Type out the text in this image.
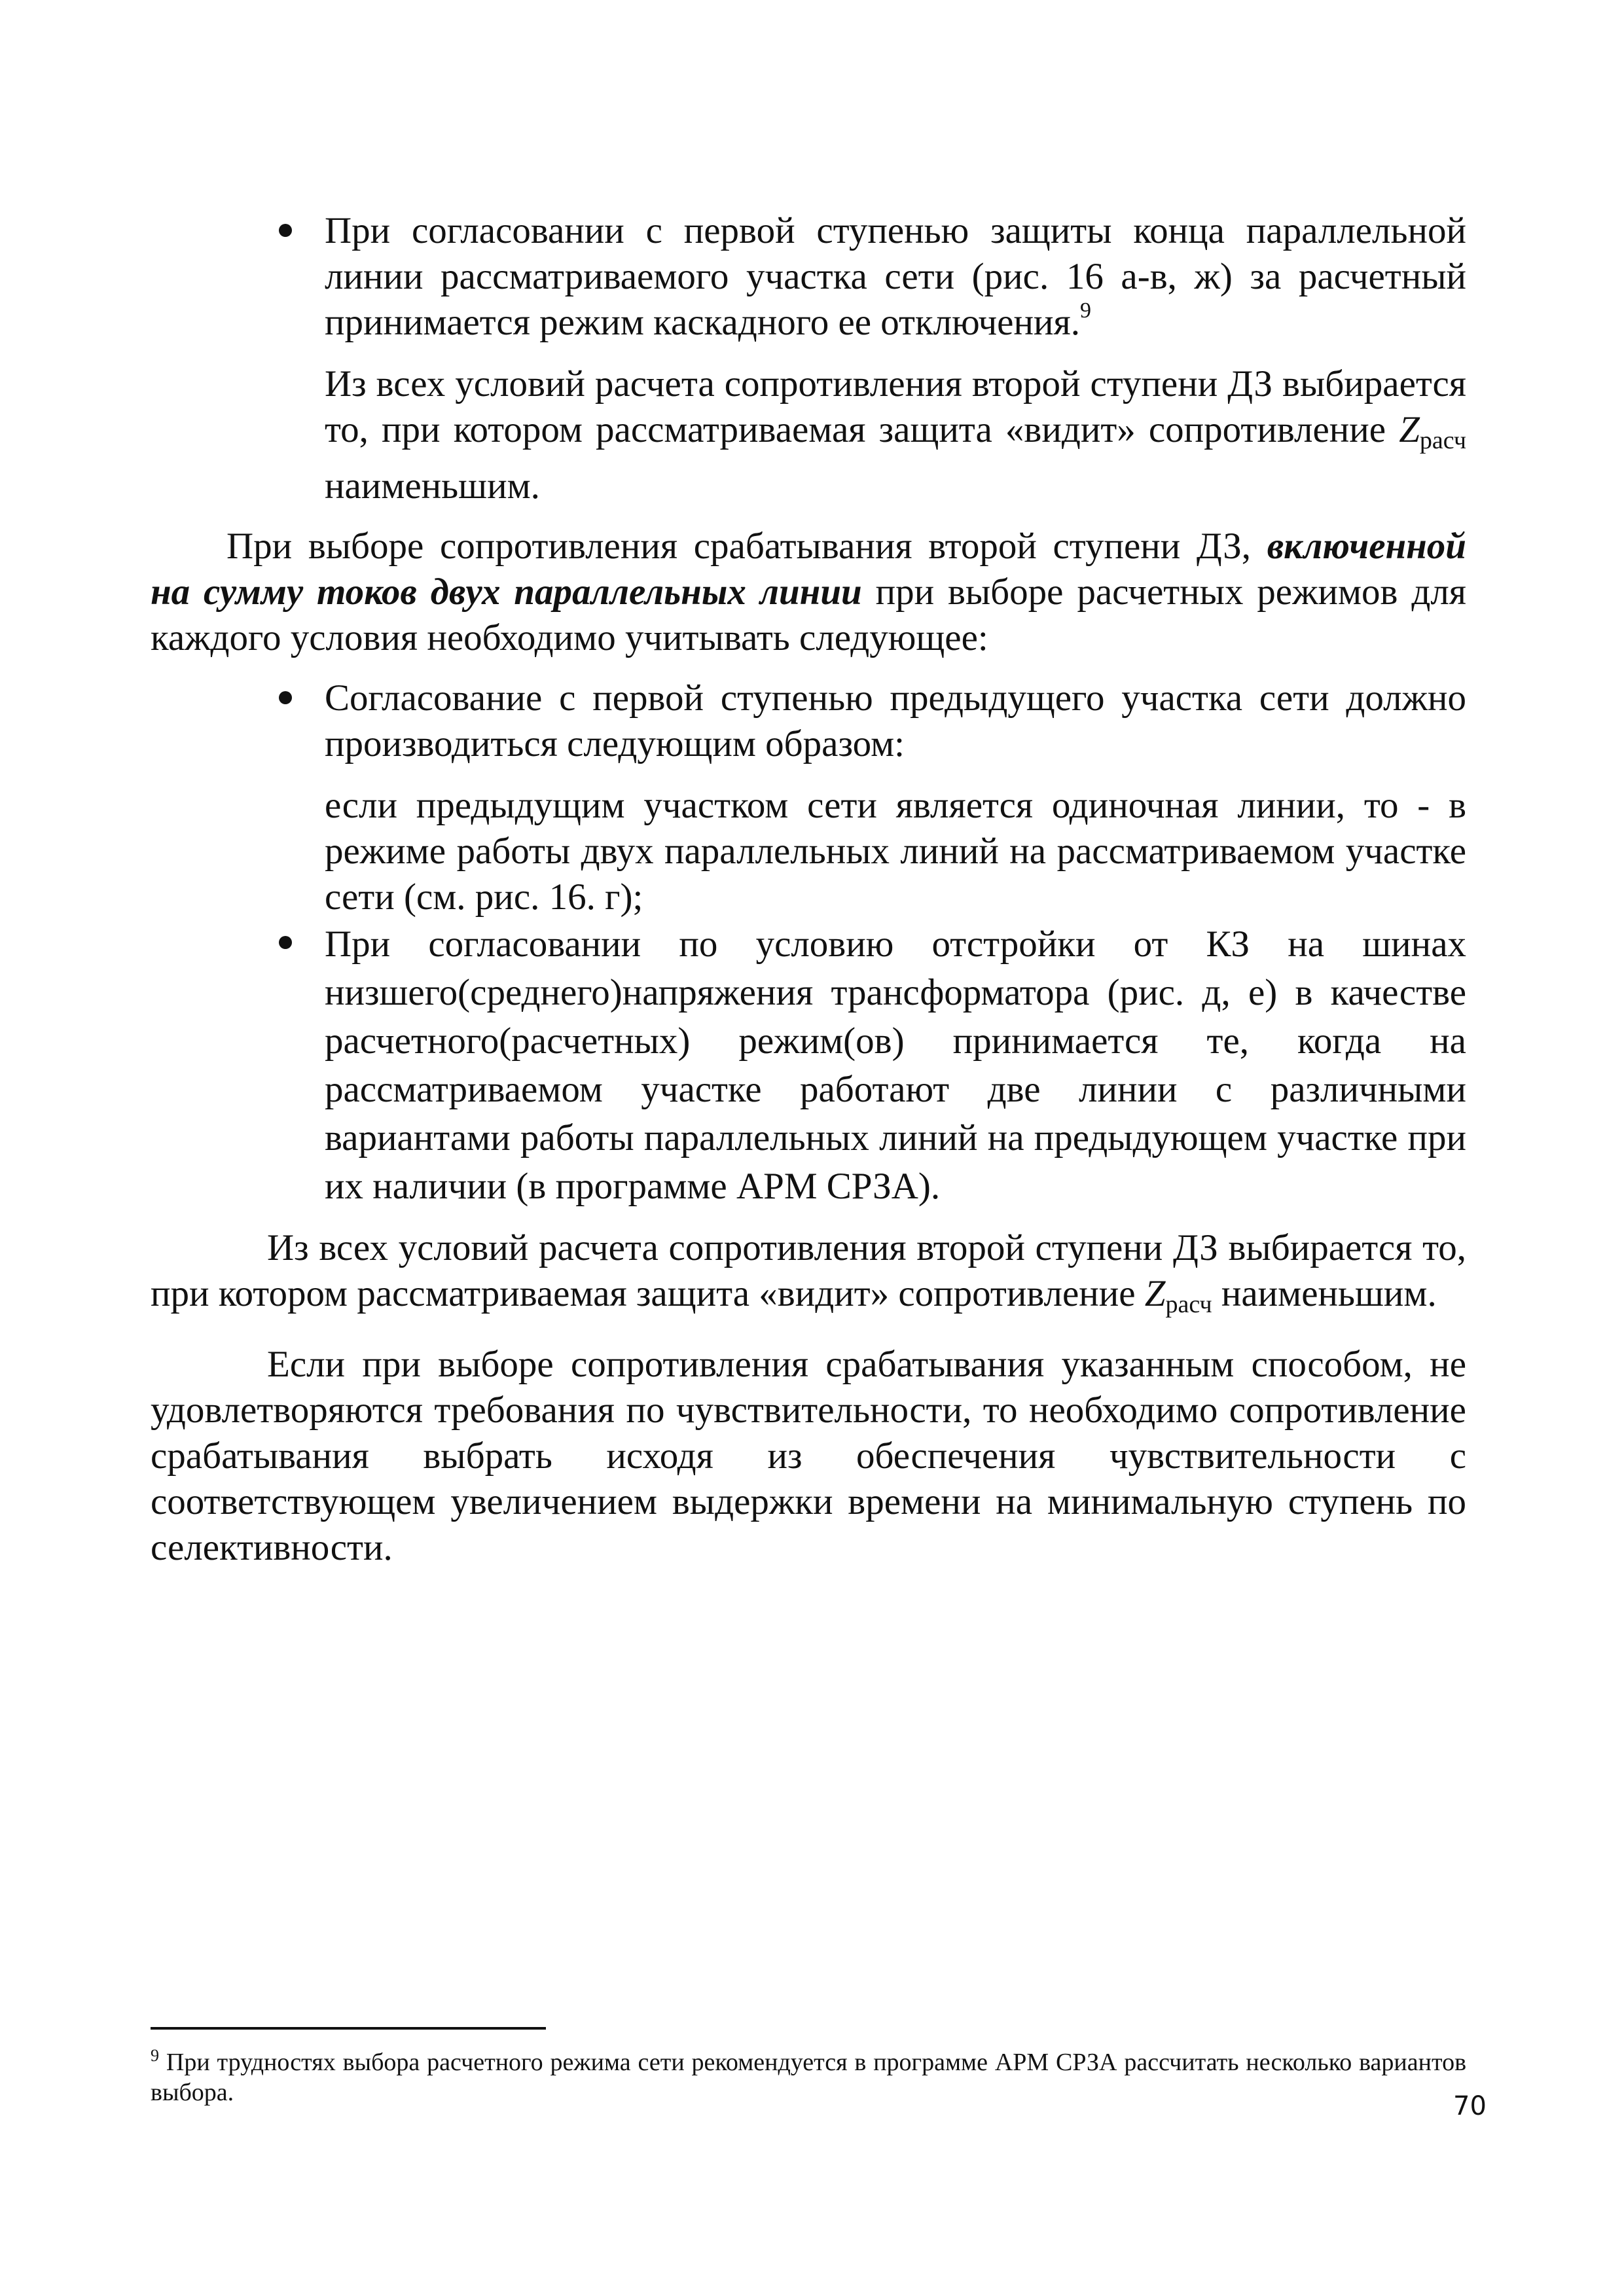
При согласовании с первой ступенью защиты конца параллельной линии рассматриваемого участка сети (рис. 16 а-в, ж) за расчетный принимается режим каскадного ее отключения.$^9$

Из всех условий расчета сопротивления второй ступени ДЗ выбирается то, при котором рассматриваемая защита «видит» сопротивление Zрасч наименьшим.

При выборе сопротивления срабатывания второй ступени ДЗ, включенной на сумму токов двух параллельных линии при выборе расчетных режимов для каждого условия необходимо учитывать следующее:

Согласование с первой ступенью предыдущего участка сети должно производиться следующим образом:

если предыдущим участком сети является одиночная линии, то - в режиме работы двух параллельных линий на рассматриваемом участке сети (см. рис. 16. г);

При согласовании по условию отстройки от КЗ на шинах низшего(среднего)напряжения трансформатора (рис. д, е) в качестве расчетного(расчетных) режим(ов) принимается те, когда на рассматриваемом участке работают две линии с различными вариантами работы параллельных линий на предыдующем участке при их наличии (в программе АРМ СРЗА).

Из всех условий расчета сопротивления второй ступени ДЗ выбирается то, при котором рассматриваемая защита «видит» сопротивление Zрасч наименьшим.

Если при выборе сопротивления срабатывания указанным способом, не удовлетворяются требования по чувствительности, то необходимо сопротивление срабатывания выбрать исходя из обеспечения чувствительности с соответствующем увеличением выдержки времени на минимальную ступень по селективности.

$^9$ При трудностях выбора расчетного режима сети рекомендуется в программе АРМ СРЗА рассчитать несколько вариантов выбора.	70
